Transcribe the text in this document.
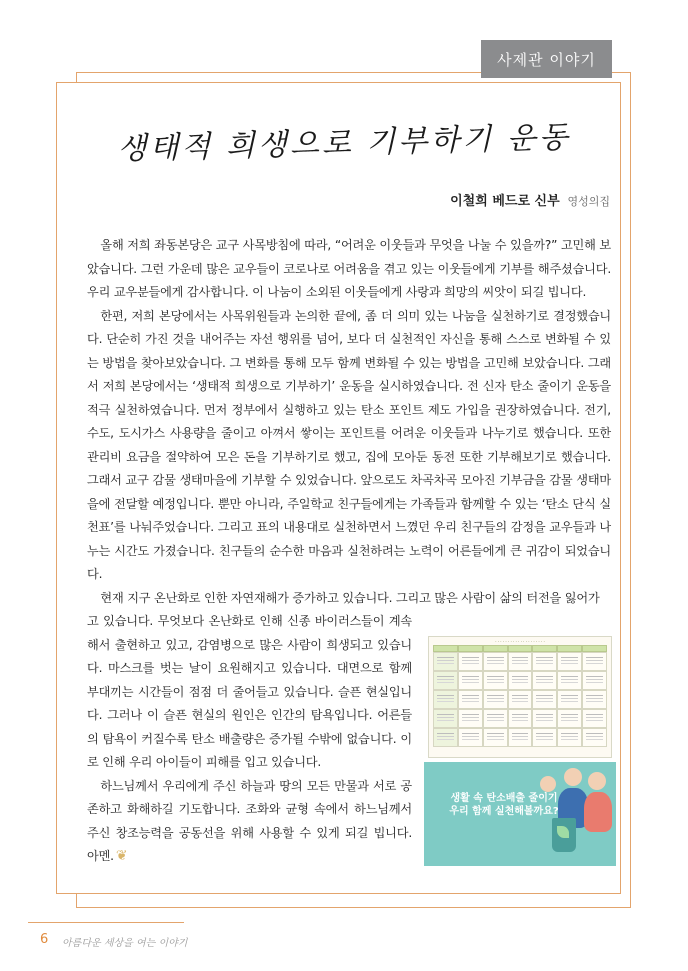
사제관 이야기
생태적 희생으로 기부하기 운동
이철희 베드로 신부 영성의집

올해 저희 좌동본당은 교구 사목방침에 따라, “어려운 이웃들과 무엇을 나눌 수 있을까?” 고민해 보았습니다. 그런 가운데 많은 교우들이 코로나로 어려움을 겪고 있는 이웃들에게 기부를 해주셨습니다. 우리 교우분들에게 감사합니다. 이 나눔이 소외된 이웃들에게 사랑과 희망의 씨앗이 되길 빕니다.

한편, 저희 본당에서는 사목위원들과 논의한 끝에, 좀 더 의미 있는 나눔을 실천하기로 결정했습니다. 단순히 가진 것을 내어주는 자선 행위를 넘어, 보다 더 실천적인 자신을 통해 스스로 변화될 수 있는 방법을 찾아보았습니다. 그 변화를 통해 모두 함께 변화될 수 있는 방법을 고민해 보았습니다. 그래서 저희 본당에서는 ‘생태적 희생으로 기부하기’ 운동을 실시하였습니다. 전 신자 탄소 줄이기 운동을 적극 실천하였습니다. 먼저 정부에서 실행하고 있는 탄소 포인트 제도 가입을 권장하였습니다. 전기, 수도, 도시가스 사용량을 줄이고 아껴서 쌓이는 포인트를 어려운 이웃들과 나누기로 했습니다. 또한 관리비 요금을 절약하여 모은 돈을 기부하기로 했고, 집에 모아둔 동전 또한 기부해보기로 했습니다. 그래서 교구 감물 생태마을에 기부할 수 있었습니다. 앞으로도 차곡차곡 모아진 기부금을 감물 생태마을에 전달할 예정입니다. 뿐만 아니라, 주일학교 친구들에게는 가족들과 함께할 수 있는 ‘탄소 단식 실천표’를 나눠주었습니다. 그리고 표의 내용대로 실천하면서 느꼈던 우리 친구들의 감정을 교우들과 나누는 시간도 가졌습니다. 친구들의 순수한 마음과 실천하려는 노력이 어른들에게 큰 귀감이 되었습니다.

현재 지구 온난화로 인한 자연재해가 증가하고 있습니다. 그리고 많은 사람이 삶의 터전을 잃어가

고 있습니다. 무엇보다 온난화로 인해 신종 바이러스들이 계속 해서 출현하고 있고, 감염병으로 많은 사람이 희생되고 있습니다. 마스크를 벗는 날이 요원해지고 있습니다. 대면으로 함께 부대끼는 시간들이 점점 더 줄어들고 있습니다. 슬픈 현실입니다. 그러나 이 슬픈 현실의 원인은 인간의 탐욕입니다. 어른들의 탐욕이 커질수록 탄소 배출량은 증가될 수밖에 없습니다. 이로 인해 우리 아이들이 피해를 입고 있습니다.

하느님께서 우리에게 주신 하늘과 땅의 모든 만물과 서로 공존하고 화해하길 기도합니다. 조화와 균형 속에서 하느님께서 주신 창조능력을 공동선을 위해 사용할 수 있게 되길 빕니다. 아멘. ❦

· · · · · · · · · · · · · · · · · · · ·
생활 속 탄소배출 줄이기 우리 함께 실천해볼까요?
6 아름다운 세상을 여는 이야기
